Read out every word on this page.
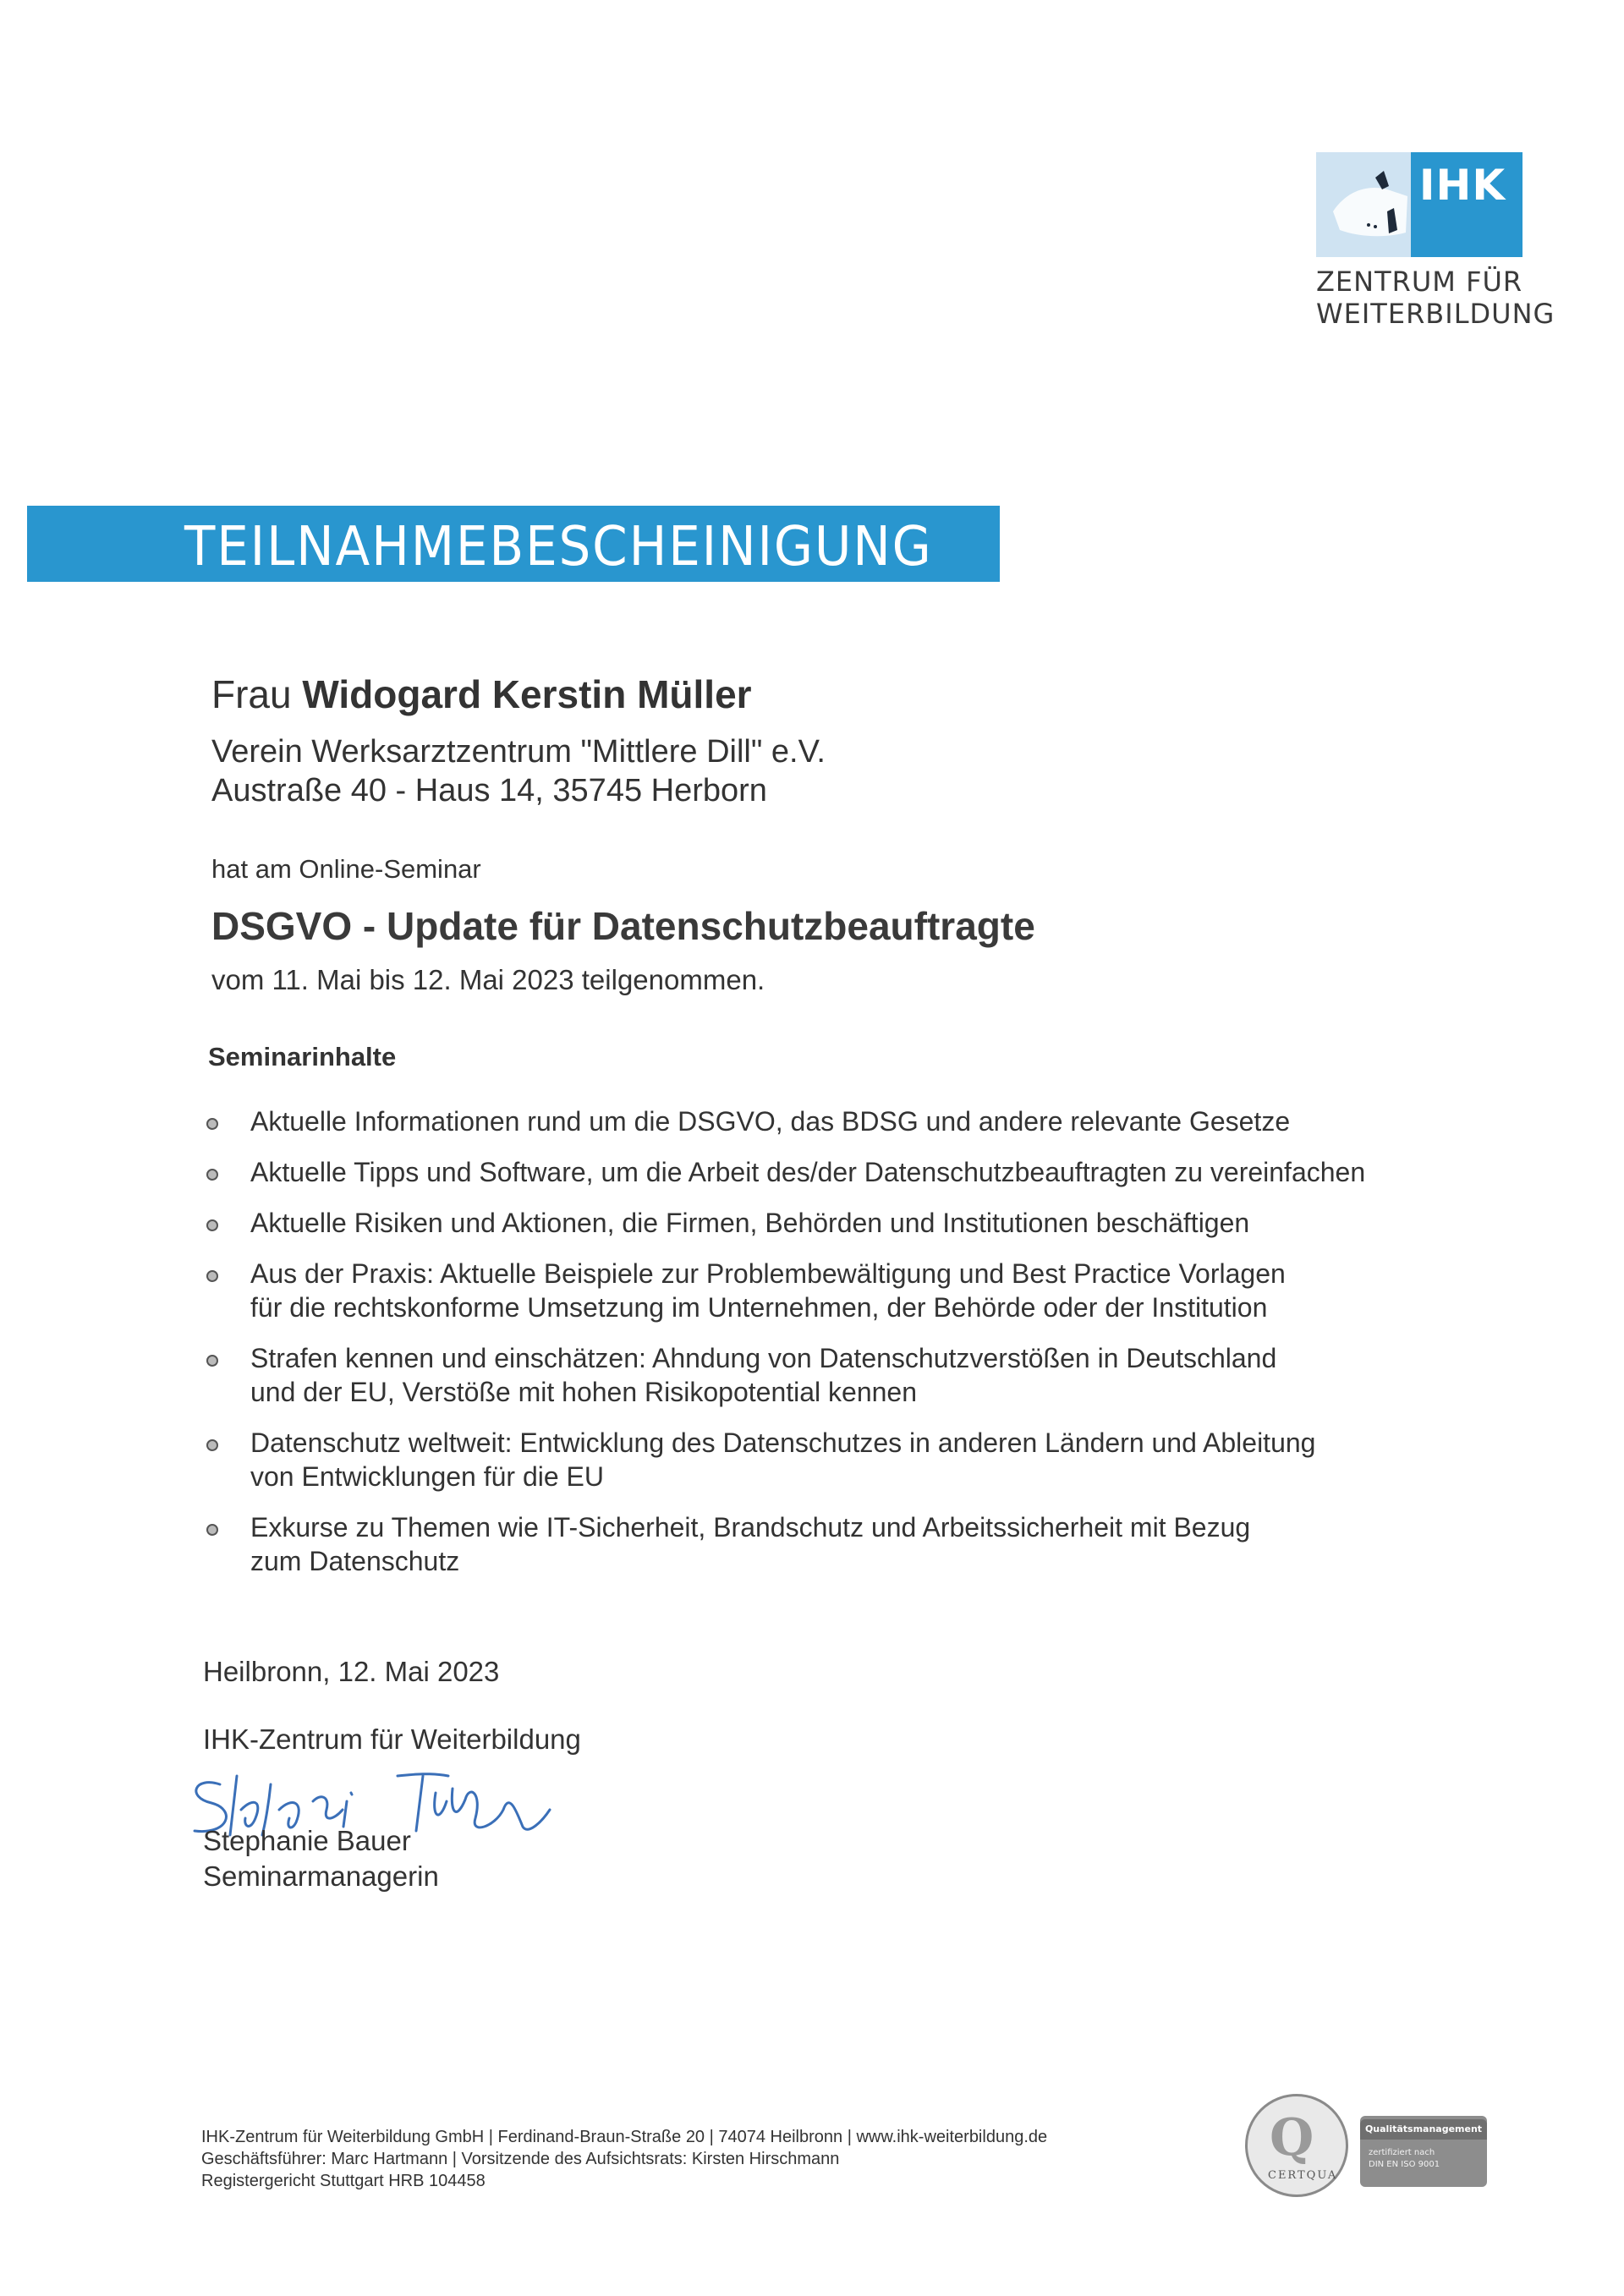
IHK
ZENTRUM FÜR
WEITERBILDUNG
TEILNAHMEBESCHEINIGUNG
Frau Widogard Kerstin Müller
Verein Werksarztzentrum "Mittlere Dill" e.V.
Austraße 40 - Haus 14, 35745 Herborn
hat am Online-Seminar
DSGVO - Update für Datenschutzbeauftragte
vom 11. Mai bis 12. Mai 2023 teilgenommen.
Seminarinhalte
Aktuelle Informationen rund um die DSGVO, das BDSG und andere relevante Gesetze
Aktuelle Tipps und Software, um die Arbeit des/der Datenschutzbeauftragten zu vereinfachen
Aktuelle Risiken und Aktionen, die Firmen, Behörden und Institutionen beschäftigen
Aus der Praxis: Aktuelle Beispiele zur Problembewältigung und Best Practice Vorlagen
für die rechtskonforme Umsetzung im Unternehmen, der Behörde oder der Institution
Strafen kennen und einschätzen: Ahndung von Datenschutzverstößen in Deutschland
und der EU, Verstöße mit hohen Risikopotential kennen
Datenschutz weltweit: Entwicklung des Datenschutzes in anderen Ländern und Ableitung
von Entwicklungen für die EU
Exkurse zu Themen wie IT-Sicherheit, Brandschutz und Arbeitssicherheit mit Bezug
zum Datenschutz
Heilbronn, 12. Mai 2023
IHK-Zentrum für Weiterbildung
Stephanie Bauer
Seminarmanagerin
IHK-Zentrum für Weiterbildung GmbH | Ferdinand-Braun-Straße 20 | 74074 Heilbronn | www.ihk-weiterbildung.de
Geschäftsführer: Marc Hartmann | Vorsitzende des Aufsichtsrats: Kirsten Hirschmann
Registergericht Stuttgart HRB 104458
Q
CERTQUA
Qualitätsmanagement
zertifiziert nach
DIN EN ISO 9001
